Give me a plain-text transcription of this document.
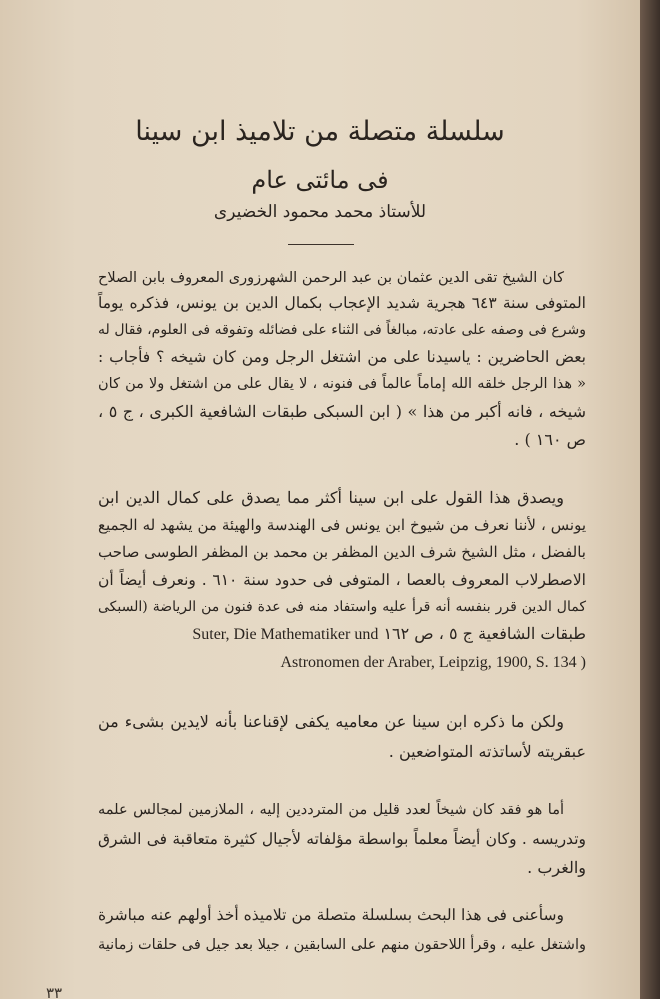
سلسلة متصلة من تلاميذ ابن سينا
فى مائتى عام
للأستاذ محمد محمود الخضيرى
كان الشيخ تقى الدين عثمان بن عبد الرحمن الشهرزورى المعروف بابن الصلاح
المتوفى سنة ٦٤٣ هجرية شديد الإعجاب بكمال الدين بن يونس، فذكره يوماً
وشرع فى وصفه على عادته، مبالغاً فى الثناء على فضائله وتفوقه فى العلوم، فقال له
بعض الحاضرين : ياسيدنا على من اشتغل الرجل ومن كان شيخه ؟ فأجاب :
« هذا الرجل خلقه الله إماماً عالماً فى فنونه ، لا يقال على من اشتغل ولا من كان
شيخه ، فانه أكبر من هذا » ( ابن السبكى طبقات الشافعية الكبرى ، ج ٥ ،
ص ١٦٠ ) .
ويصدق هذا القول على ابن سينا أكثر مما يصدق على كمال الدين ابن
يونس ، لأننا نعرف من شيوخ ابن يونس فى الهندسة والهيئة من يشهد له الجميع
بالفضل ، مثل الشيخ شرف الدين المظفر بن محمد بن المظفر الطوسى صاحب
الاصطرلاب المعروف بالعصا ، المتوفى فى حدود سنة ٦١٠ . ونعرف أيضاً أن
كمال الدين قرر بنفسه أنه قرأ عليه واستفاد منه فى عدة فنون من الرياضة (السبكى
طبقات الشافعية ج ٥ ، ص ١٦٢ Suter, Die Mathematiker und
Astronomen der Araber, Leipzig, 1900, S. 134 )
ولكن ما ذكره ابن سينا عن معاميه يكفى لإقناعنا بأنه لايدين بشىء من
عبقريته لأساتذته المتواضعين .
أما هو فقد كان شيخاً لعدد قليل من المترددين إليه ، الملازمين لمجالس علمه
وتدريسه . وكان أيضاً معلماً بواسطة مؤلفاته لأجيال كثيرة متعاقبة فى الشرق
والغرب .
وسأعنى فى هذا البحث بسلسلة متصلة من تلاميذه أخذ أولهم عنه مباشرة
واشتغل عليه ، وقرأ اللاحقون منهم على السابقين ، جيلا بعد جيل فى حلقات زمانية
٣٣
